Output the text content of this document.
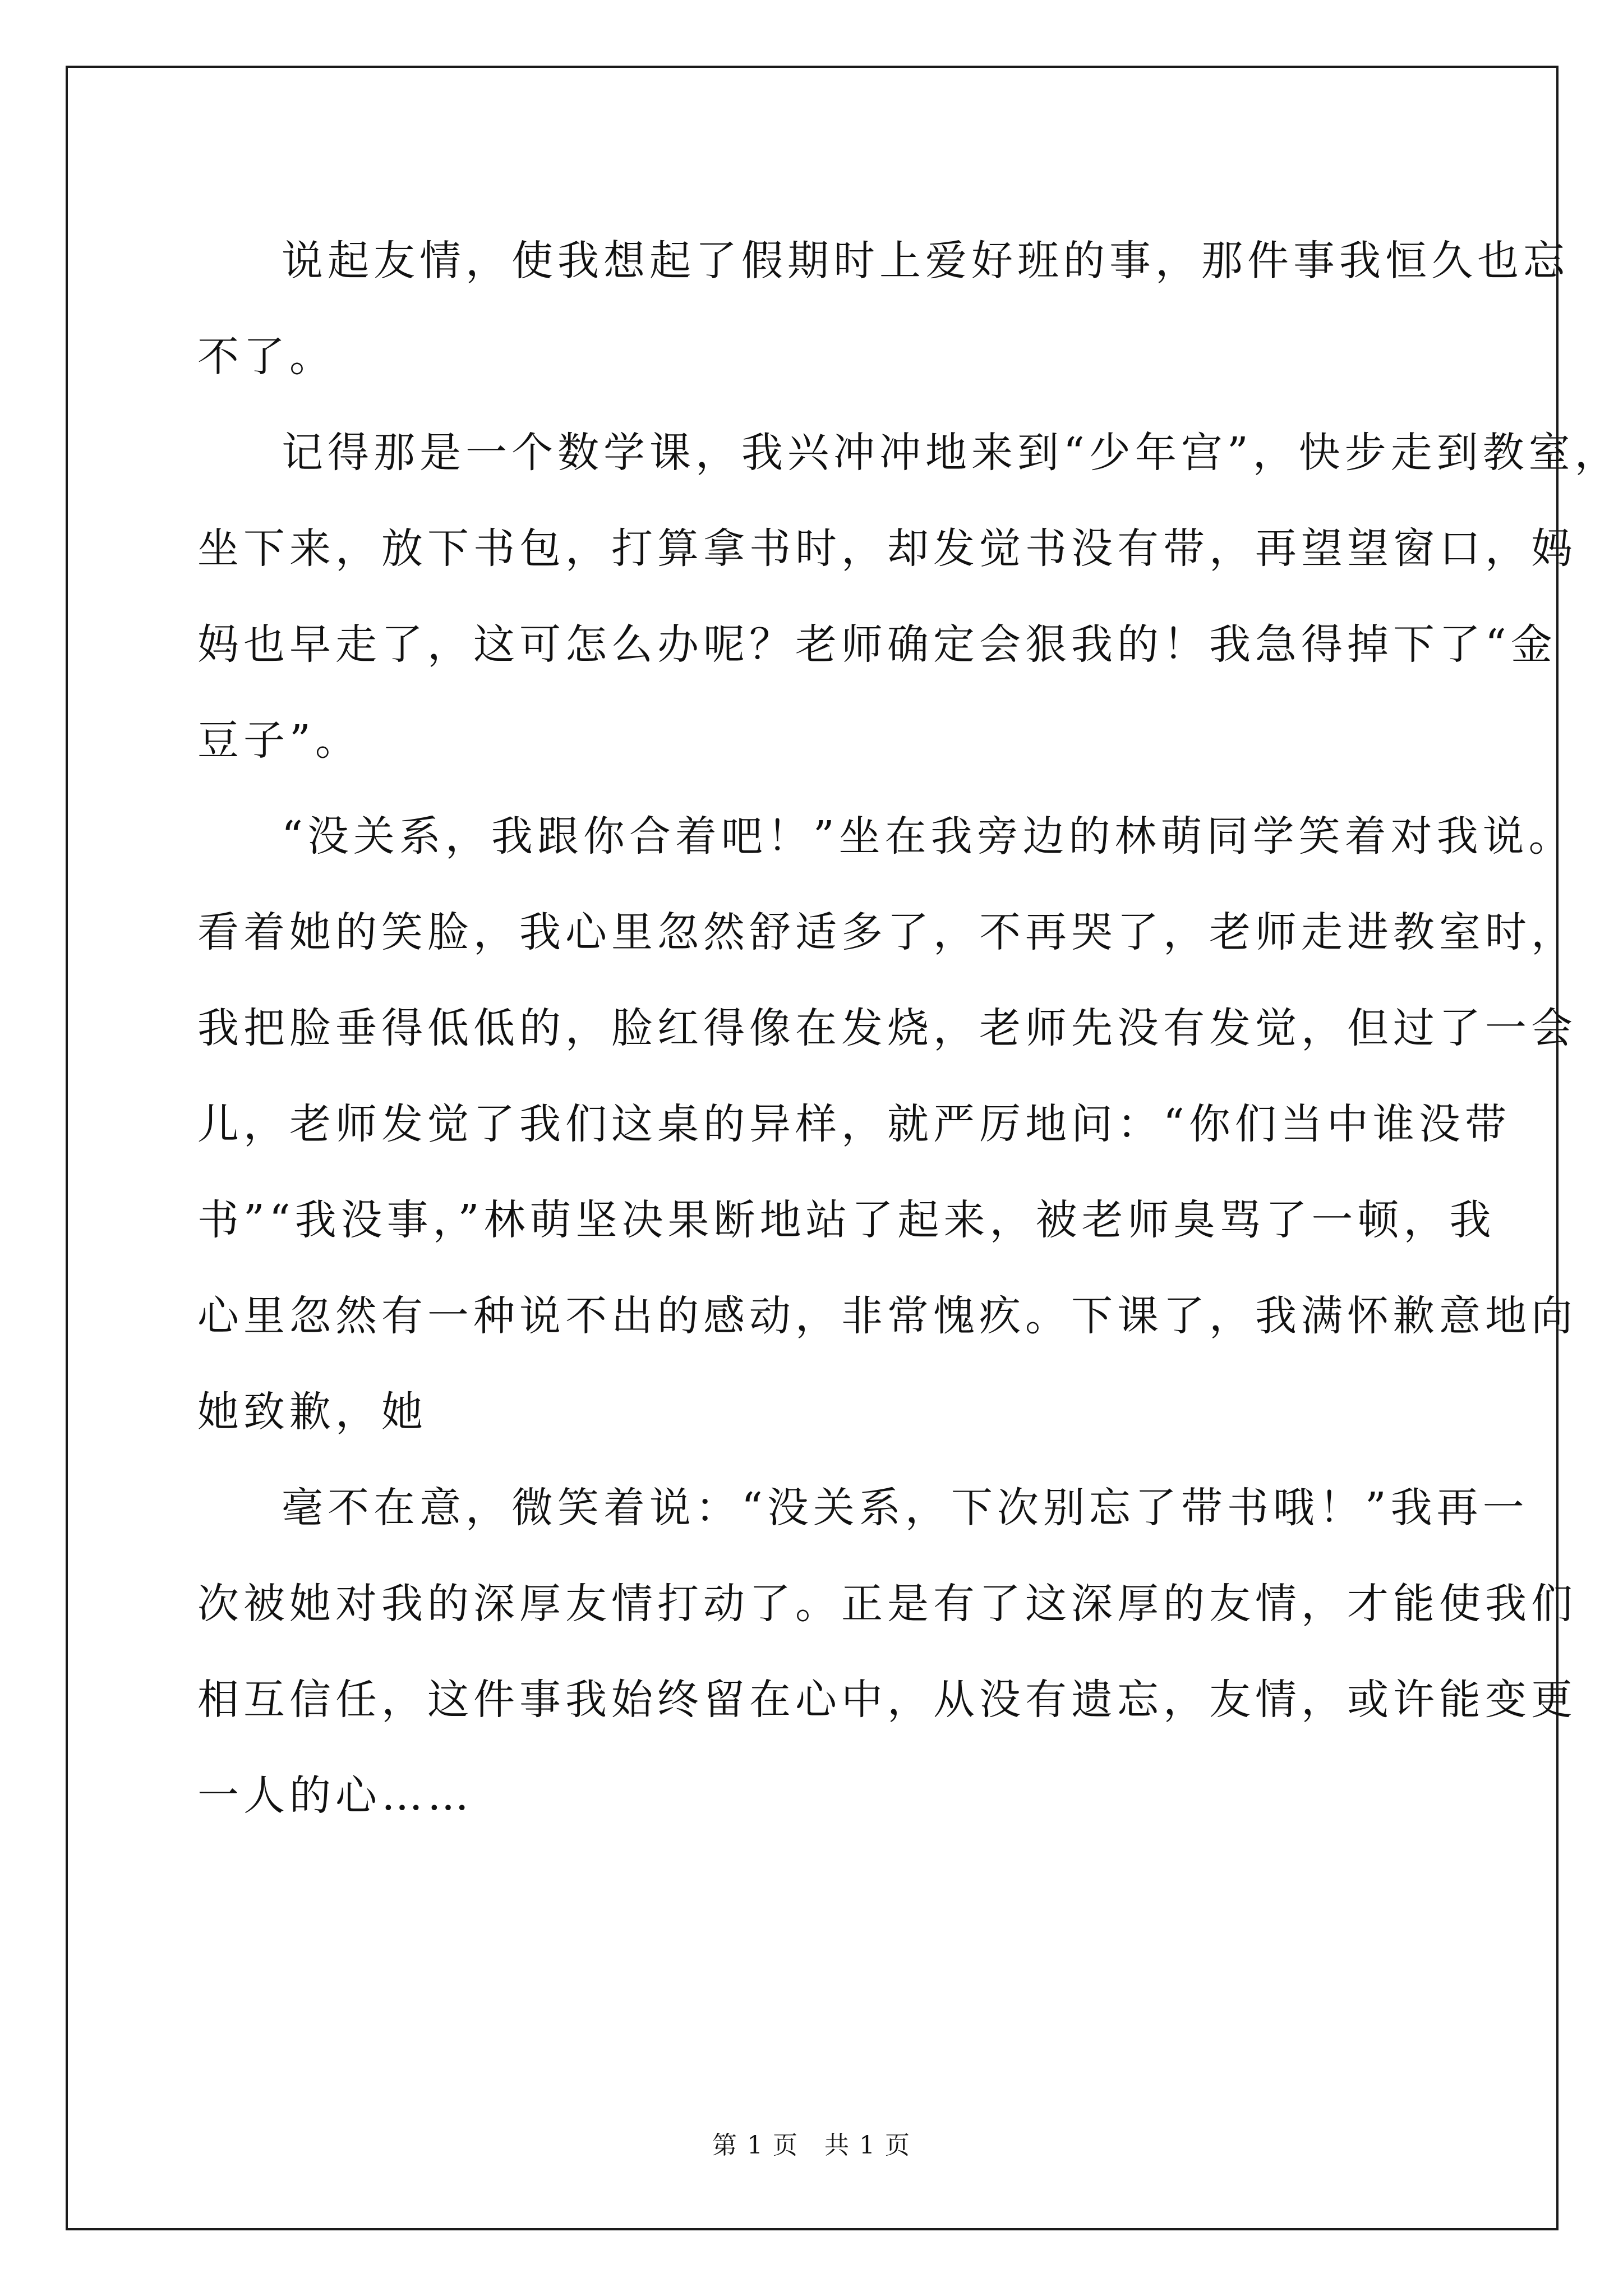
说起友情，使我想起了假期时上爱好班的事，那件事我恒久也忘
不了。
记得那是一个数学课，我兴冲冲地来到“少年宫”，快步走到教室，
坐下来，放下书包，打算拿书时，却发觉书没有带，再望望窗口，妈
妈也早走了，这可怎么办呢？老师确定会狠我的！我急得掉下了“金
豆子”。
“没关系，我跟你合着吧！”坐在我旁边的林萌同学笑着对我说。
看着她的笑脸，我心里忽然舒适多了，不再哭了，老师走进教室时，
我把脸垂得低低的，脸红得像在发烧，老师先没有发觉，但过了一会
儿，老师发觉了我们这桌的异样，就严厉地问：“你们当中谁没带
书”“我没事，”林萌坚决果断地站了起来，被老师臭骂了一顿，我
心里忽然有一种说不出的感动，非常愧疚。下课了，我满怀歉意地向
她致歉，她
毫不在意，微笑着说：“没关系，下次别忘了带书哦！”我再一
次被她对我的深厚友情打动了。正是有了这深厚的友情，才能使我们
相互信任，这件事我始终留在心中，从没有遗忘，友情，或许能变更
一人的心……
第 1 页　共 1 页
